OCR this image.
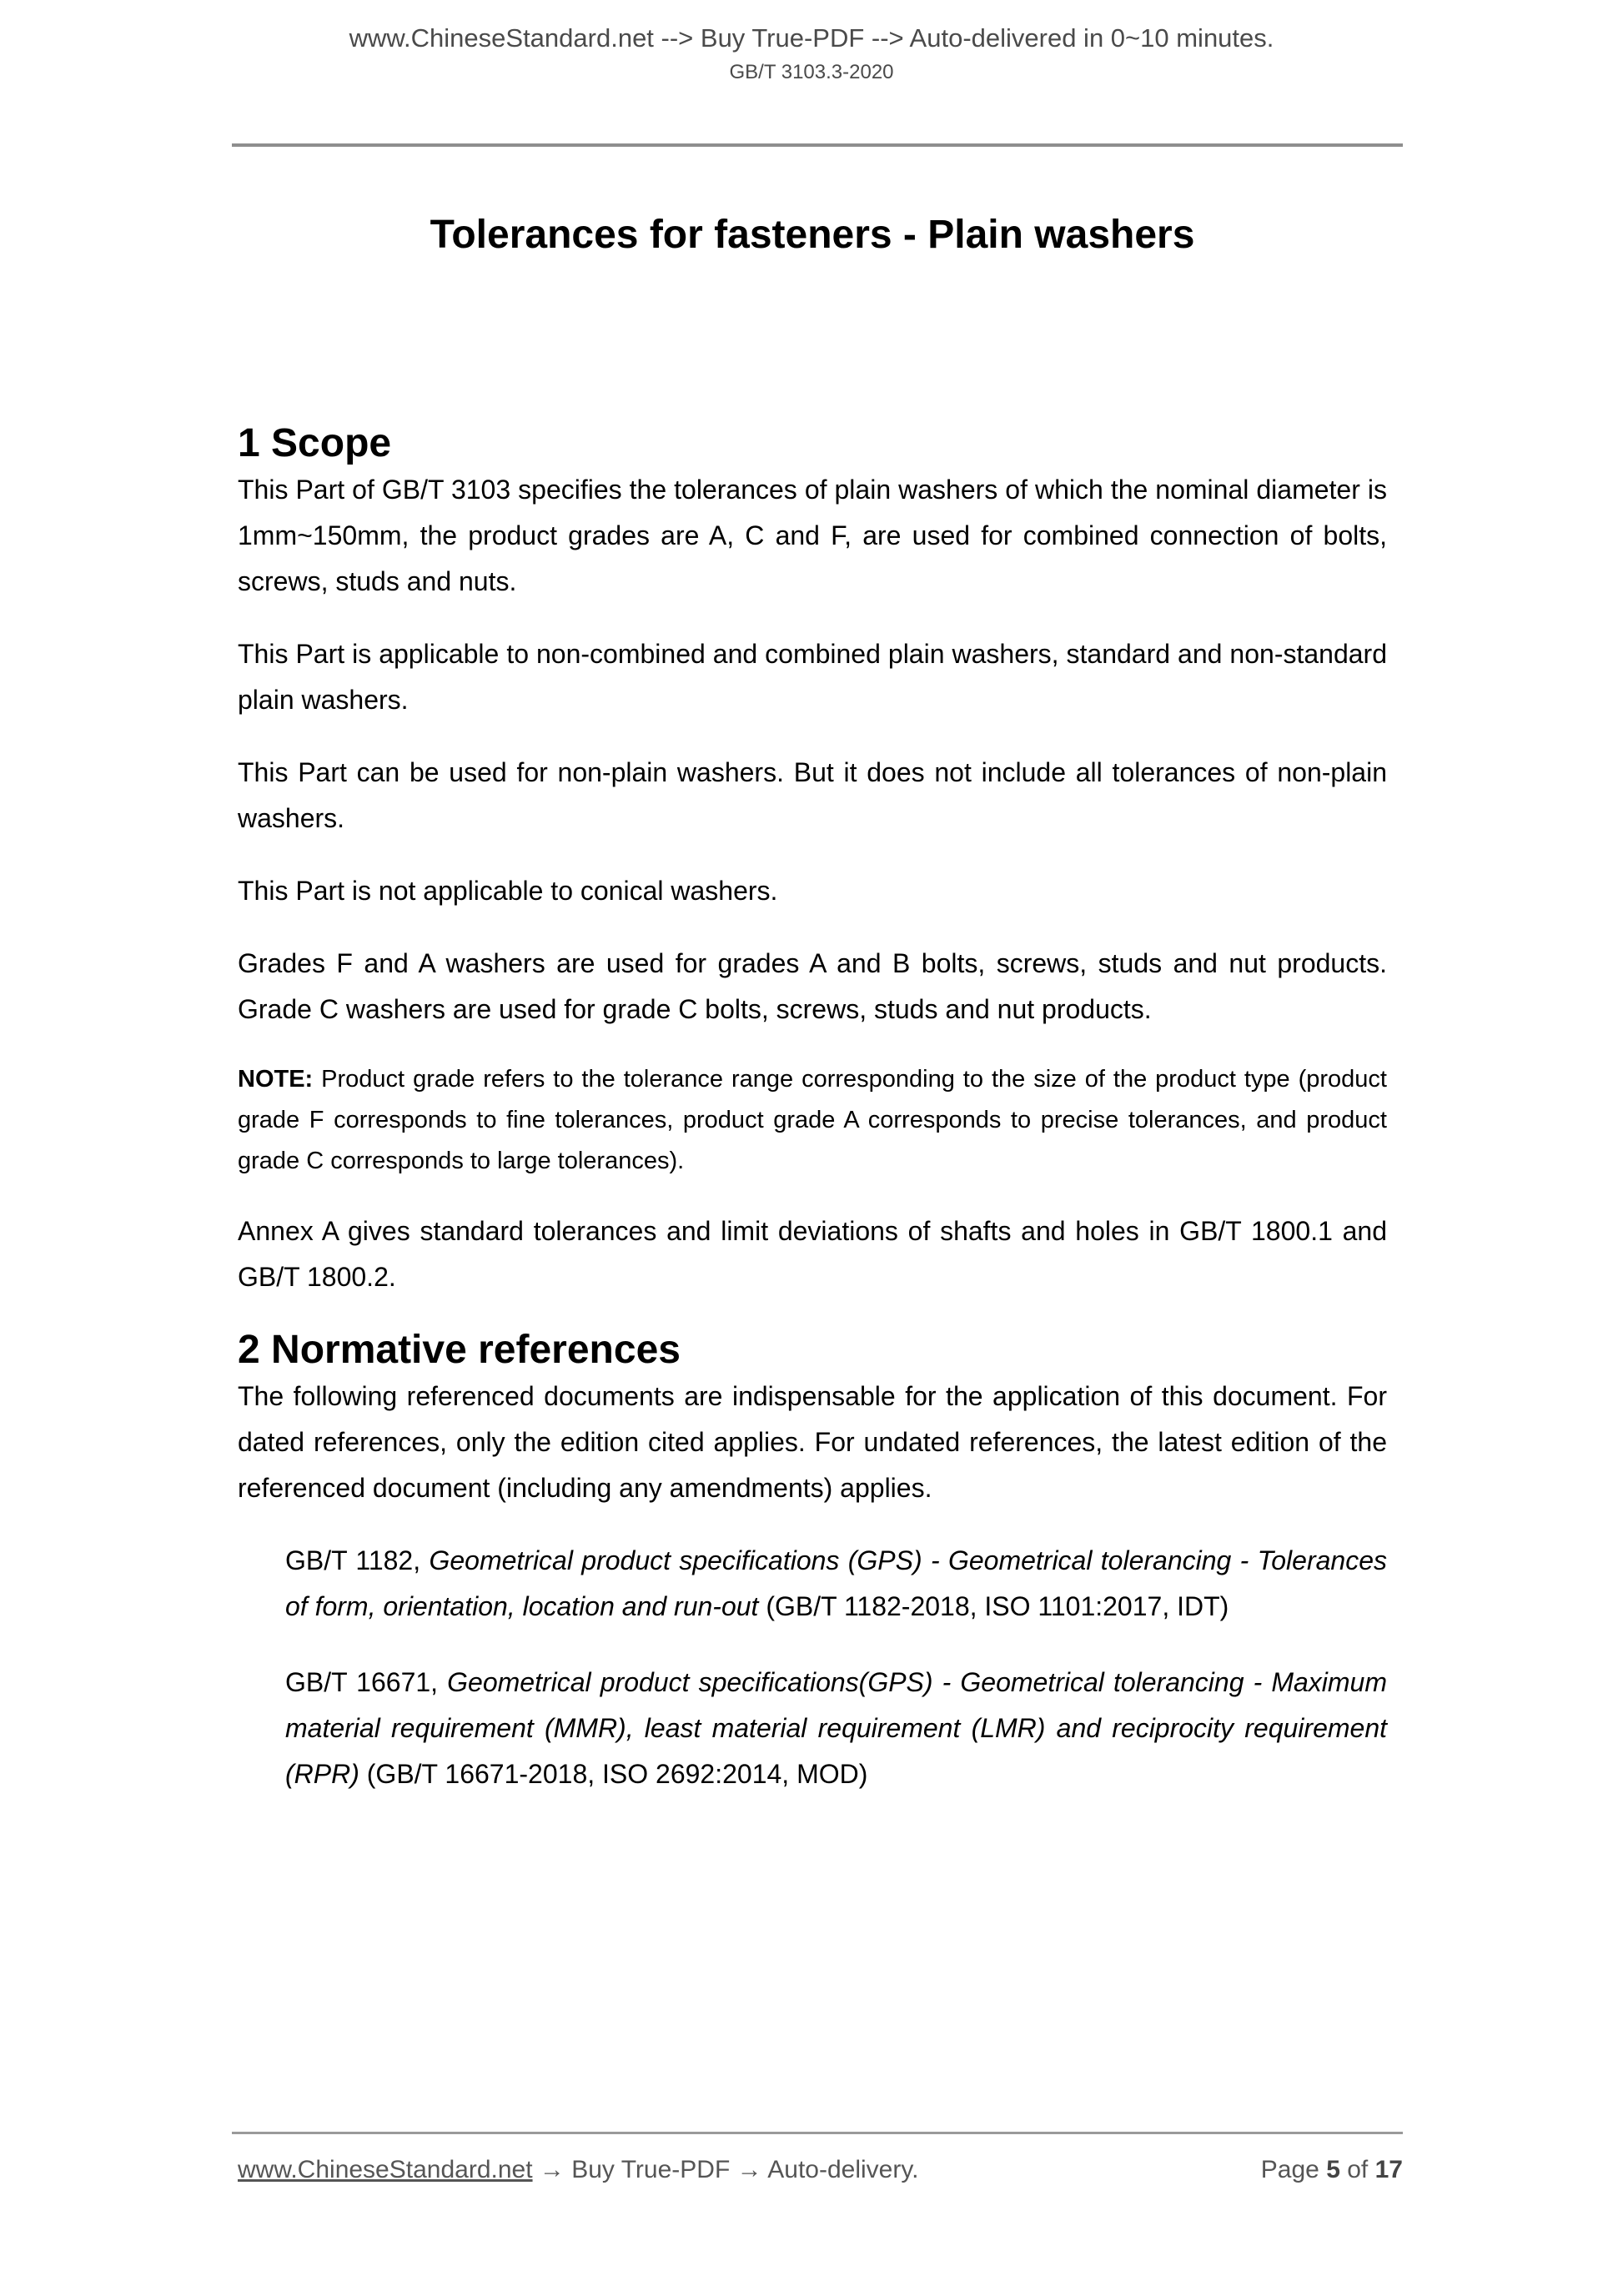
www.ChineseStandard.net --> Buy True-PDF --> Auto-delivered in 0~10 minutes.
GB/T 3103.3-2020
Tolerances for fasteners - Plain washers
1 Scope

This Part of GB/T 3103 specifies the tolerances of plain washers of which the nominal diameter is 1mm~150mm, the product grades are A, C and F, are used for combined connection of bolts, screws, studs and nuts.

This Part is applicable to non-combined and combined plain washers, standard and non-standard plain washers.

This Part can be used for non-plain washers. But it does not include all tolerances of non-plain washers.

This Part is not applicable to conical washers.

Grades F and A washers are used for grades A and B bolts, screws, studs and nut products. Grade C washers are used for grade C bolts, screws, studs and nut products.

NOTE: Product grade refers to the tolerance range corresponding to the size of the product type (product grade F corresponds to fine tolerances, product grade A corresponds to precise tolerances, and product grade C corresponds to large tolerances).

Annex A gives standard tolerances and limit deviations of shafts and holes in GB/T 1800.1 and GB/T 1800.2.

2 Normative references

The following referenced documents are indispensable for the application of this document. For dated references, only the edition cited applies. For undated references, the latest edition of the referenced document (including any amendments) applies.

GB/T 1182, Geometrical product specifications (GPS) - Geometrical tolerancing - Tolerances of form, orientation, location and run-out (GB/T 1182-2018, ISO 1101:2017, IDT)

GB/T 16671, Geometrical product specifications(GPS) - Geometrical tolerancing - Maximum material requirement (MMR), least material requirement (LMR) and reciprocity requirement (RPR) (GB/T 16671-2018, ISO 2692:2014, MOD)

www.ChineseStandard.net → Buy True-PDF → Auto-delivery.	Page 5 of 17
